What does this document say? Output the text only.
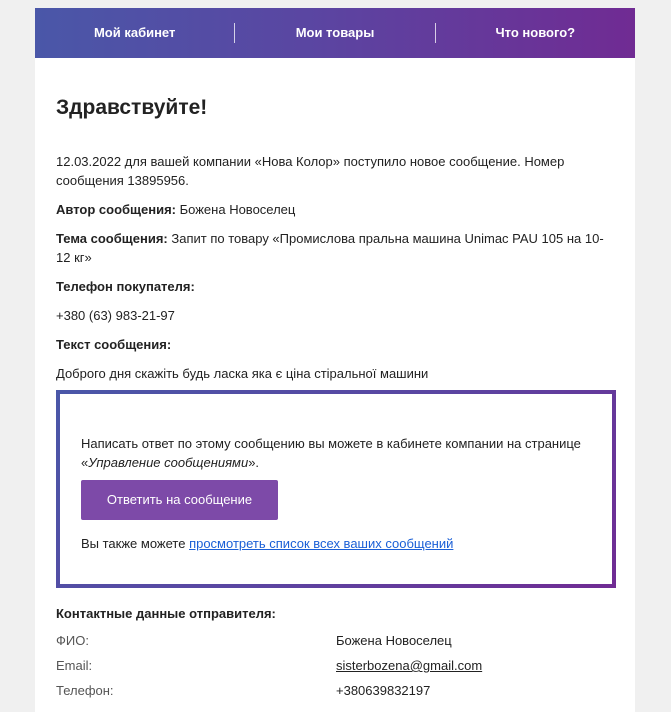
Мой кабинет	Мои товары	Что нового?
Здравствуйте!
12.03.2022 для вашей компании «Нова Колор» поступило новое сообщение. Номер сообщения 13895956.
Автор сообщения: Божена Новоселец
Тема сообщения: Запит по товару «Промислова пральна машина Unimac PAU 105 на 10-12 кг»
Телефон покупателя:
+380 (63) 983-21-97
Текст сообщения:
Доброго дня скажіть будь ласка яка є ціна стіральної машини
Написать ответ по этому сообщению вы можете в кабинете компании на странице «Управление сообщениями».
Ответить на сообщение
Вы также можете просмотреть список всех ваших сообщений
Контактные данные отправителя:
ФИО:	Божена Новоселец
Email:	sisterbozena@gmail.com
Телефон:	+380639832197
